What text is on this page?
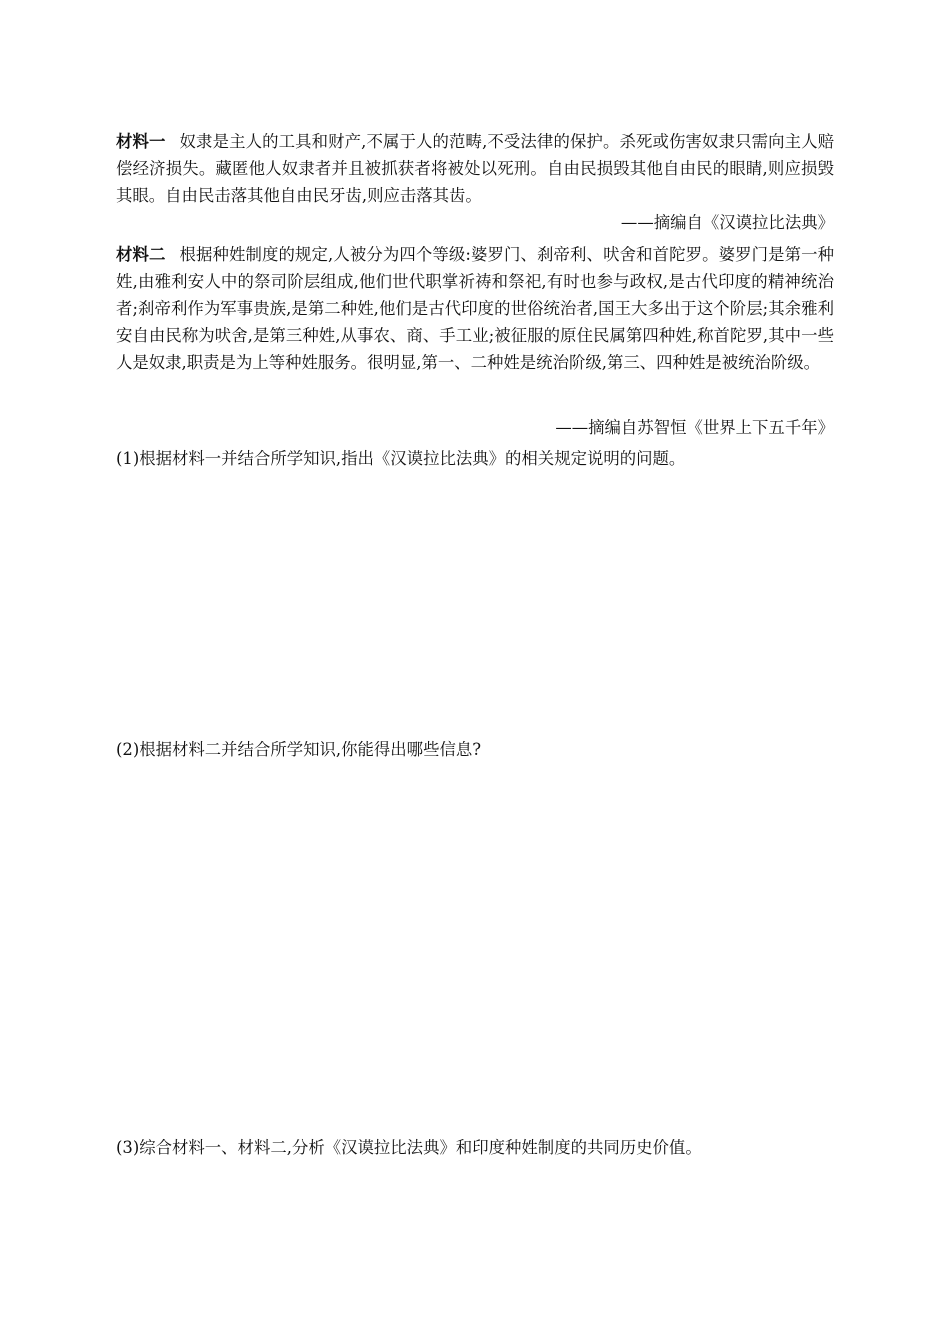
材料一 奴隶是主人的工具和财产,不属于人的范畴,不受法律的保护。杀死或伤害奴隶只需向主人赔偿经济损失。藏匿他人奴隶者并且被抓获者将被处以死刑。自由民损毁其他自由民的眼睛,则应损毁其眼。自由民击落其他自由民牙齿,则应击落其齿。
——摘编自《汉谟拉比法典》
材料二 根据种姓制度的规定,人被分为四个等级:婆罗门、刹帝利、吠舍和首陀罗。婆罗门是第一种姓,由雅利安人中的祭司阶层组成,他们世代职掌祈祷和祭祀,有时也参与政权,是古代印度的精神统治者;刹帝利作为军事贵族,是第二种姓,他们是古代印度的世俗统治者,国王大多出于这个阶层;其余雅利安自由民称为吠舍,是第三种姓,从事农、商、手工业;被征服的原住民属第四种姓,称首陀罗,其中一些人是奴隶,职责是为上等种姓服务。很明显,第一、二种姓是统治阶级,第三、四种姓是被统治阶级。
——摘编自苏智恒《世界上下五千年》
(1)根据材料一并结合所学知识,指出《汉谟拉比法典》的相关规定说明的问题。
(2)根据材料二并结合所学知识,你能得出哪些信息?
(3)综合材料一、材料二,分析《汉谟拉比法典》和印度种姓制度的共同历史价值。
